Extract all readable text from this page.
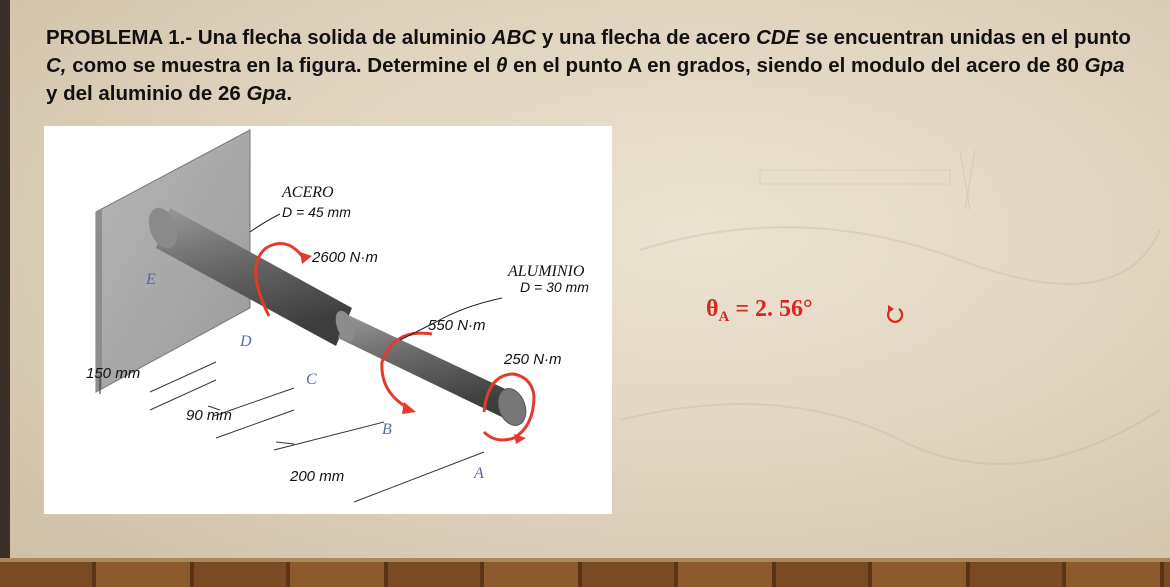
PROBLEMA 1.- Una flecha solida de aluminio ABC y una flecha de acero CDE se encuentran unidas en el punto C, como se muestra en la figura. Determine el θ en el punto A en grados, siendo el modulo del acero de 80 Gpa y del aluminio de 26 Gpa.
ACERO
D = 45 mm
2600 N·m
ALUMINIO
D = 30 mm
550 N·m
250 N·m
150 mm
90 mm
200 mm
E
D
C
B
A
$\theta_A = 2$. 56°
